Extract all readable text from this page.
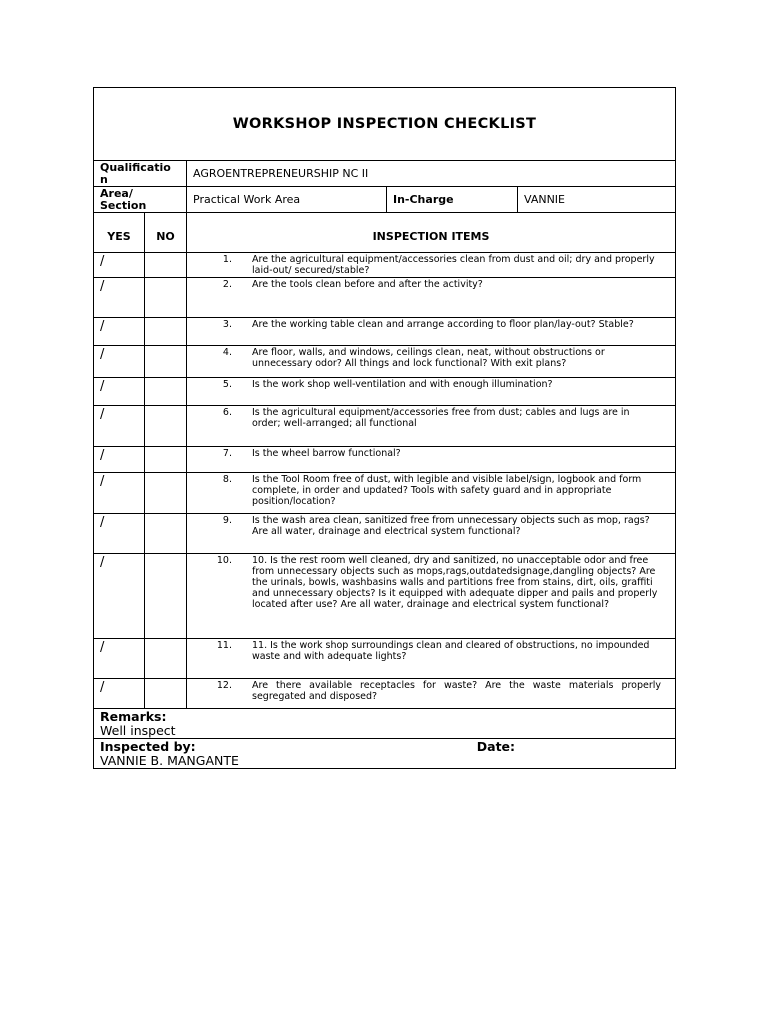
WORKSHOP INSPECTION CHECKLIST				
Qualificatio n		AGROENTREPRENEURSHIP NC II		
Area/ Section		Practical Work Area	In-Charge	VANNIE
YES	NO	INSPECTION ITEMS		
/		1. Are the agricultural equipment/accessories clean from dust and oil; dry and properly laid-out/ secured/stable?		

/		2. Are the tools clean before and after the activity?		

/		3. Are the working table clean and arrange according to floor plan/lay-out? Stable?		

/		4. Are floor, walls, and windows, ceilings clean, neat, without obstructions or unnecessary odor? All things and lock functional? With exit plans?		

/		5. Is the work shop well-ventilation and with enough illumination?		

/		6. Is the agricultural equipment/accessories free from dust; cables and lugs are in order; well-arranged; all functional		

/		7. Is the wheel barrow functional?		

/		8. Is the Tool Room free of dust, with legible and visible label/sign, logbook and form complete, in order and updated? Tools with safety guard and in appropriate position/location?		

/		9. Is the wash area clean, sanitized free from unnecessary objects such as mop, rags? Are all water, drainage and electrical system functional?		

/		10. 10. Is the rest room well cleaned, dry and sanitized, no unacceptable odor and free from unnecessary objects such as mops,rags,outdatedsignage,dangling objects? Are the urinals, bowls, washbasins walls and partitions free from stains, dirt, oils, graffiti and unnecessary objects? Is it equipped with adequate dipper and pails and properly located after use? Are all water, drainage and electrical system functional?		

/		11. 11. Is the work shop surroundings clean and cleared of obstructions, no impounded waste and with adequate lights?		

/		12. Are there available receptacles for waste? Are the waste materials properly segregated and disposed?		

Remarks:
Well inspect				

Inspected by: Date:
VANNIE B. MANGANTE				
